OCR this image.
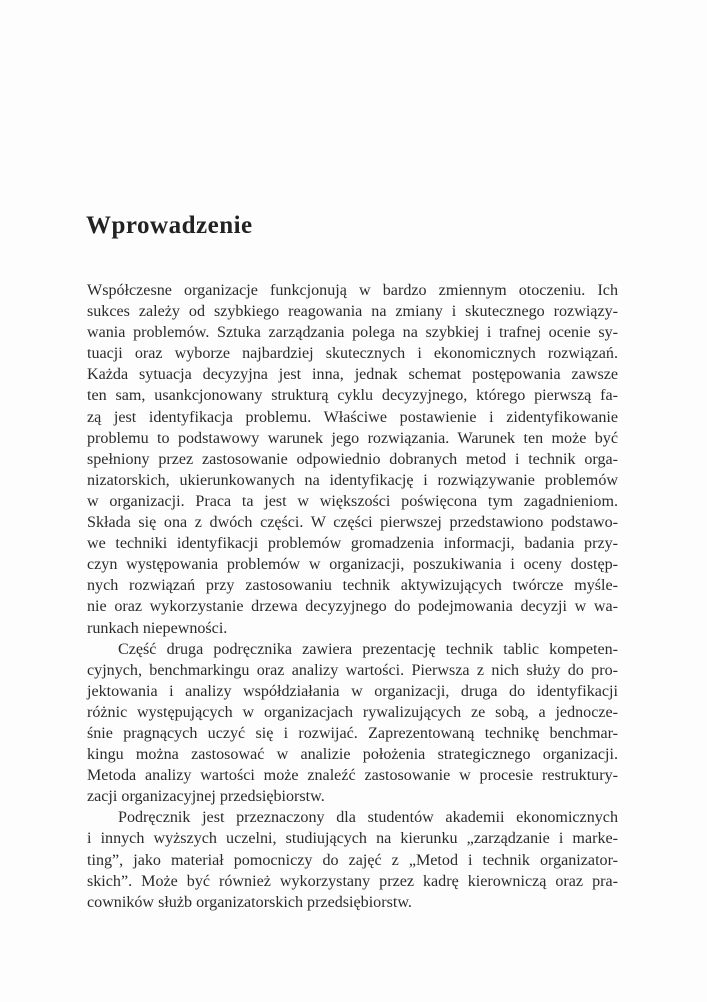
Wprowadzenie
Współczesne organizacje funkcjonują w bardzo zmiennym otoczeniu. Ich
sukces zależy od szybkiego reagowania na zmiany i skutecznego rozwiązy-
wania problemów. Sztuka zarządzania polega na szybkiej i trafnej ocenie sy-
tuacji oraz wyborze najbardziej skutecznych i ekonomicznych rozwiązań.
Każda sytuacja decyzyjna jest inna, jednak schemat postępowania zawsze
ten sam, usankcjonowany strukturą cyklu decyzyjnego, którego pierwszą fa-
zą jest identyfikacja problemu. Właściwe postawienie i zidentyfikowanie
problemu to podstawowy warunek jego rozwiązania. Warunek ten może być
spełniony przez zastosowanie odpowiednio dobranych metod i technik orga-
nizatorskich, ukierunkowanych na identyfikację i rozwiązywanie problemów
w organizacji. Praca ta jest w większości poświęcona tym zagadnieniom.
Składa się ona z dwóch części. W części pierwszej przedstawiono podstawo-
we techniki identyfikacji problemów gromadzenia informacji, badania przy-
czyn występowania problemów w organizacji, poszukiwania i oceny dostęp-
nych rozwiązań przy zastosowaniu technik aktywizujących twórcze myśle-
nie oraz wykorzystanie drzewa decyzyjnego do podejmowania decyzji w wa-
runkach niepewności.
Część druga podręcznika zawiera prezentację technik tablic kompeten-
cyjnych, benchmarkingu oraz analizy wartości. Pierwsza z nich służy do pro-
jektowania i analizy współdziałania w organizacji, druga do identyfikacji
różnic występujących w organizacjach rywalizujących ze sobą, a jednocze-
śnie pragnących uczyć się i rozwijać. Zaprezentowaną technikę benchmar-
kingu można zastosować w analizie położenia strategicznego organizacji.
Metoda analizy wartości może znaleźć zastosowanie w procesie restruktury-
zacji organizacyjnej przedsiębiorstw.
Podręcznik jest przeznaczony dla studentów akademii ekonomicznych
i innych wyższych uczelni, studiujących na kierunku „zarządzanie i marke-
ting”, jako materiał pomocniczy do zajęć z „Metod i technik organizator-
skich”. Może być również wykorzystany przez kadrę kierowniczą oraz pra-
cowników służb organizatorskich przedsiębiorstw.
